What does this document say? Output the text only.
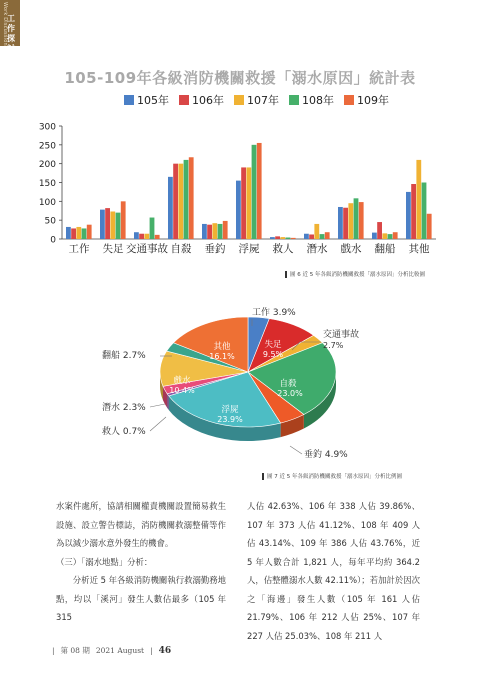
Work Discussion 工作
探討
105-109年各級消防機關救援「溺水原因」統計表
105年 106年 107年 108年 109年
0
50
100
150
200
250
300
工作 失足 交通事故 自殺 垂釣 浮屍 救人 潛水 戲水 翻船 其他
圖 6 近 5 年各級消防機關救援「溺水原因」分析比較圖
工作 3.9%
交通事故
2.7%
翻船 2.7%
潛水 2.3%
救人 0.7%
垂釣 4.9%
其他
16.1%
失足
9.5%
自殺
23.0%
戲水
10.4%
浮屍
23.9%
圖 7 近 5 年各級消防機關救援「溺水原因」分析比例圖

水案件處所，協請相關權責機關設置簡易救生設施、設立警告標誌，消防機關救溺整備等作為以減少溺水意外發生的機會。

（三）「溺水地點」分析：

分析近 5 年各級消防機關執行救溺勤務地點，均以「溪河」發生人數佔最多（105 年 315

人佔 42.63%、106 年 338 人佔 39.86%、107 年 373 人佔 41.12%、108 年 409 人佔 43.14%、109 年 386 人佔 43.76%，近 5 年人數合計 1,821 人，每年平均約 364.2 人，佔整體溺水人數 42.11%）；若加計於因次之「海邊」發生人數（105 年 161 人佔 21.79%、106 年 212 人佔 25%、107 年 227 人佔 25.03%、108 年 211 人

| 第 08 期 2021 August | 46
